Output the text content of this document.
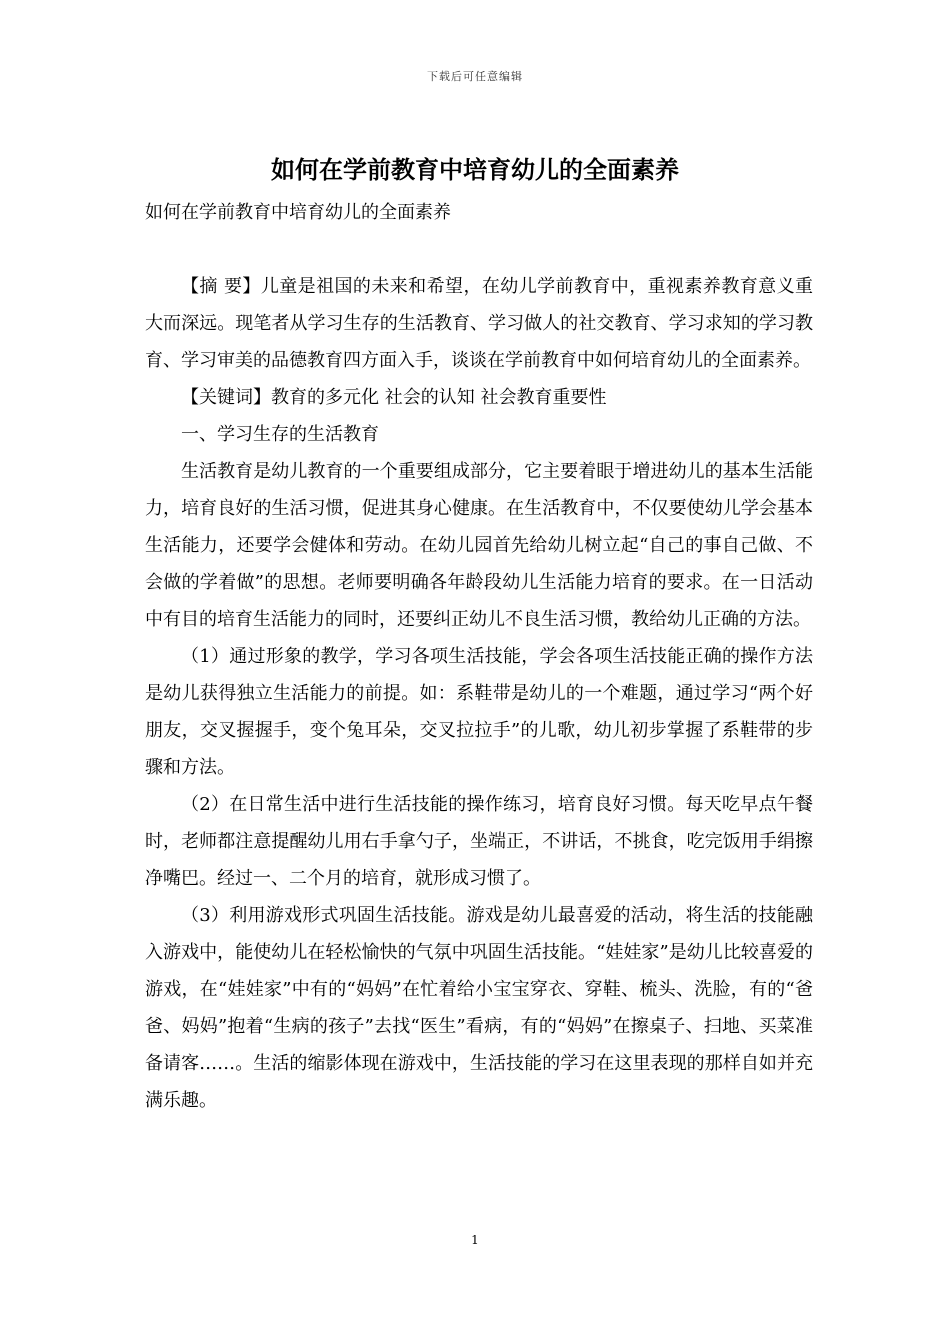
下载后可任意编辑
如何在学前教育中培育幼儿的全面素养
如何在学前教育中培育幼儿的全面素养

【摘 要】儿童是祖国的未来和希望，在幼儿学前教育中，重视素养教育意义重大而深远。现笔者从学习生存的生活教育、学习做人的社交教育、学习求知的学习教育、学习审美的品德教育四方面入手，谈谈在学前教育中如何培育幼儿的全面素养。

【关键词】教育的多元化 社会的认知 社会教育重要性

一、学习生存的生活教育

生活教育是幼儿教育的一个重要组成部分，它主要着眼于增进幼儿的基本生活能力，培育良好的生活习惯，促进其身心健康。在生活教育中，不仅要使幼儿学会基本生活能力，还要学会健体和劳动。在幼儿园首先给幼儿树立起“自己的事自己做、不会做的学着做”的思想。老师要明确各年龄段幼儿生活能力培育的要求。在一日活动中有目的培育生活能力的同时，还要纠正幼儿不良生活习惯，教给幼儿正确的方法。

（1）通过形象的教学，学习各项生活技能，学会各项生活技能正确的操作方法是幼儿获得独立生活能力的前提。如：系鞋带是幼儿的一个难题，通过学习“两个好朋友，交叉握握手，变个兔耳朵，交叉拉拉手”的儿歌，幼儿初步掌握了系鞋带的步骤和方法。

（2）在日常生活中进行生活技能的操作练习，培育良好习惯。每天吃早点午餐时，老师都注意提醒幼儿用右手拿勺子，坐端正，不讲话，不挑食，吃完饭用手绢擦净嘴巴。经过一、二个月的培育，就形成习惯了。

（3）利用游戏形式巩固生活技能。游戏是幼儿最喜爱的活动，将生活的技能融入游戏中，能使幼儿在轻松愉快的气氛中巩固生活技能。“娃娃家”是幼儿比较喜爱的游戏，在“娃娃家”中有的“妈妈”在忙着给小宝宝穿衣、穿鞋、梳头、洗脸，有的“爸爸、妈妈”抱着“生病的孩子”去找“医生”看病，有的“妈妈”在擦桌子、扫地、买菜准备请客……。生活的缩影体现在游戏中，生活技能的学习在这里表现的那样自如并充满乐趣。

1
